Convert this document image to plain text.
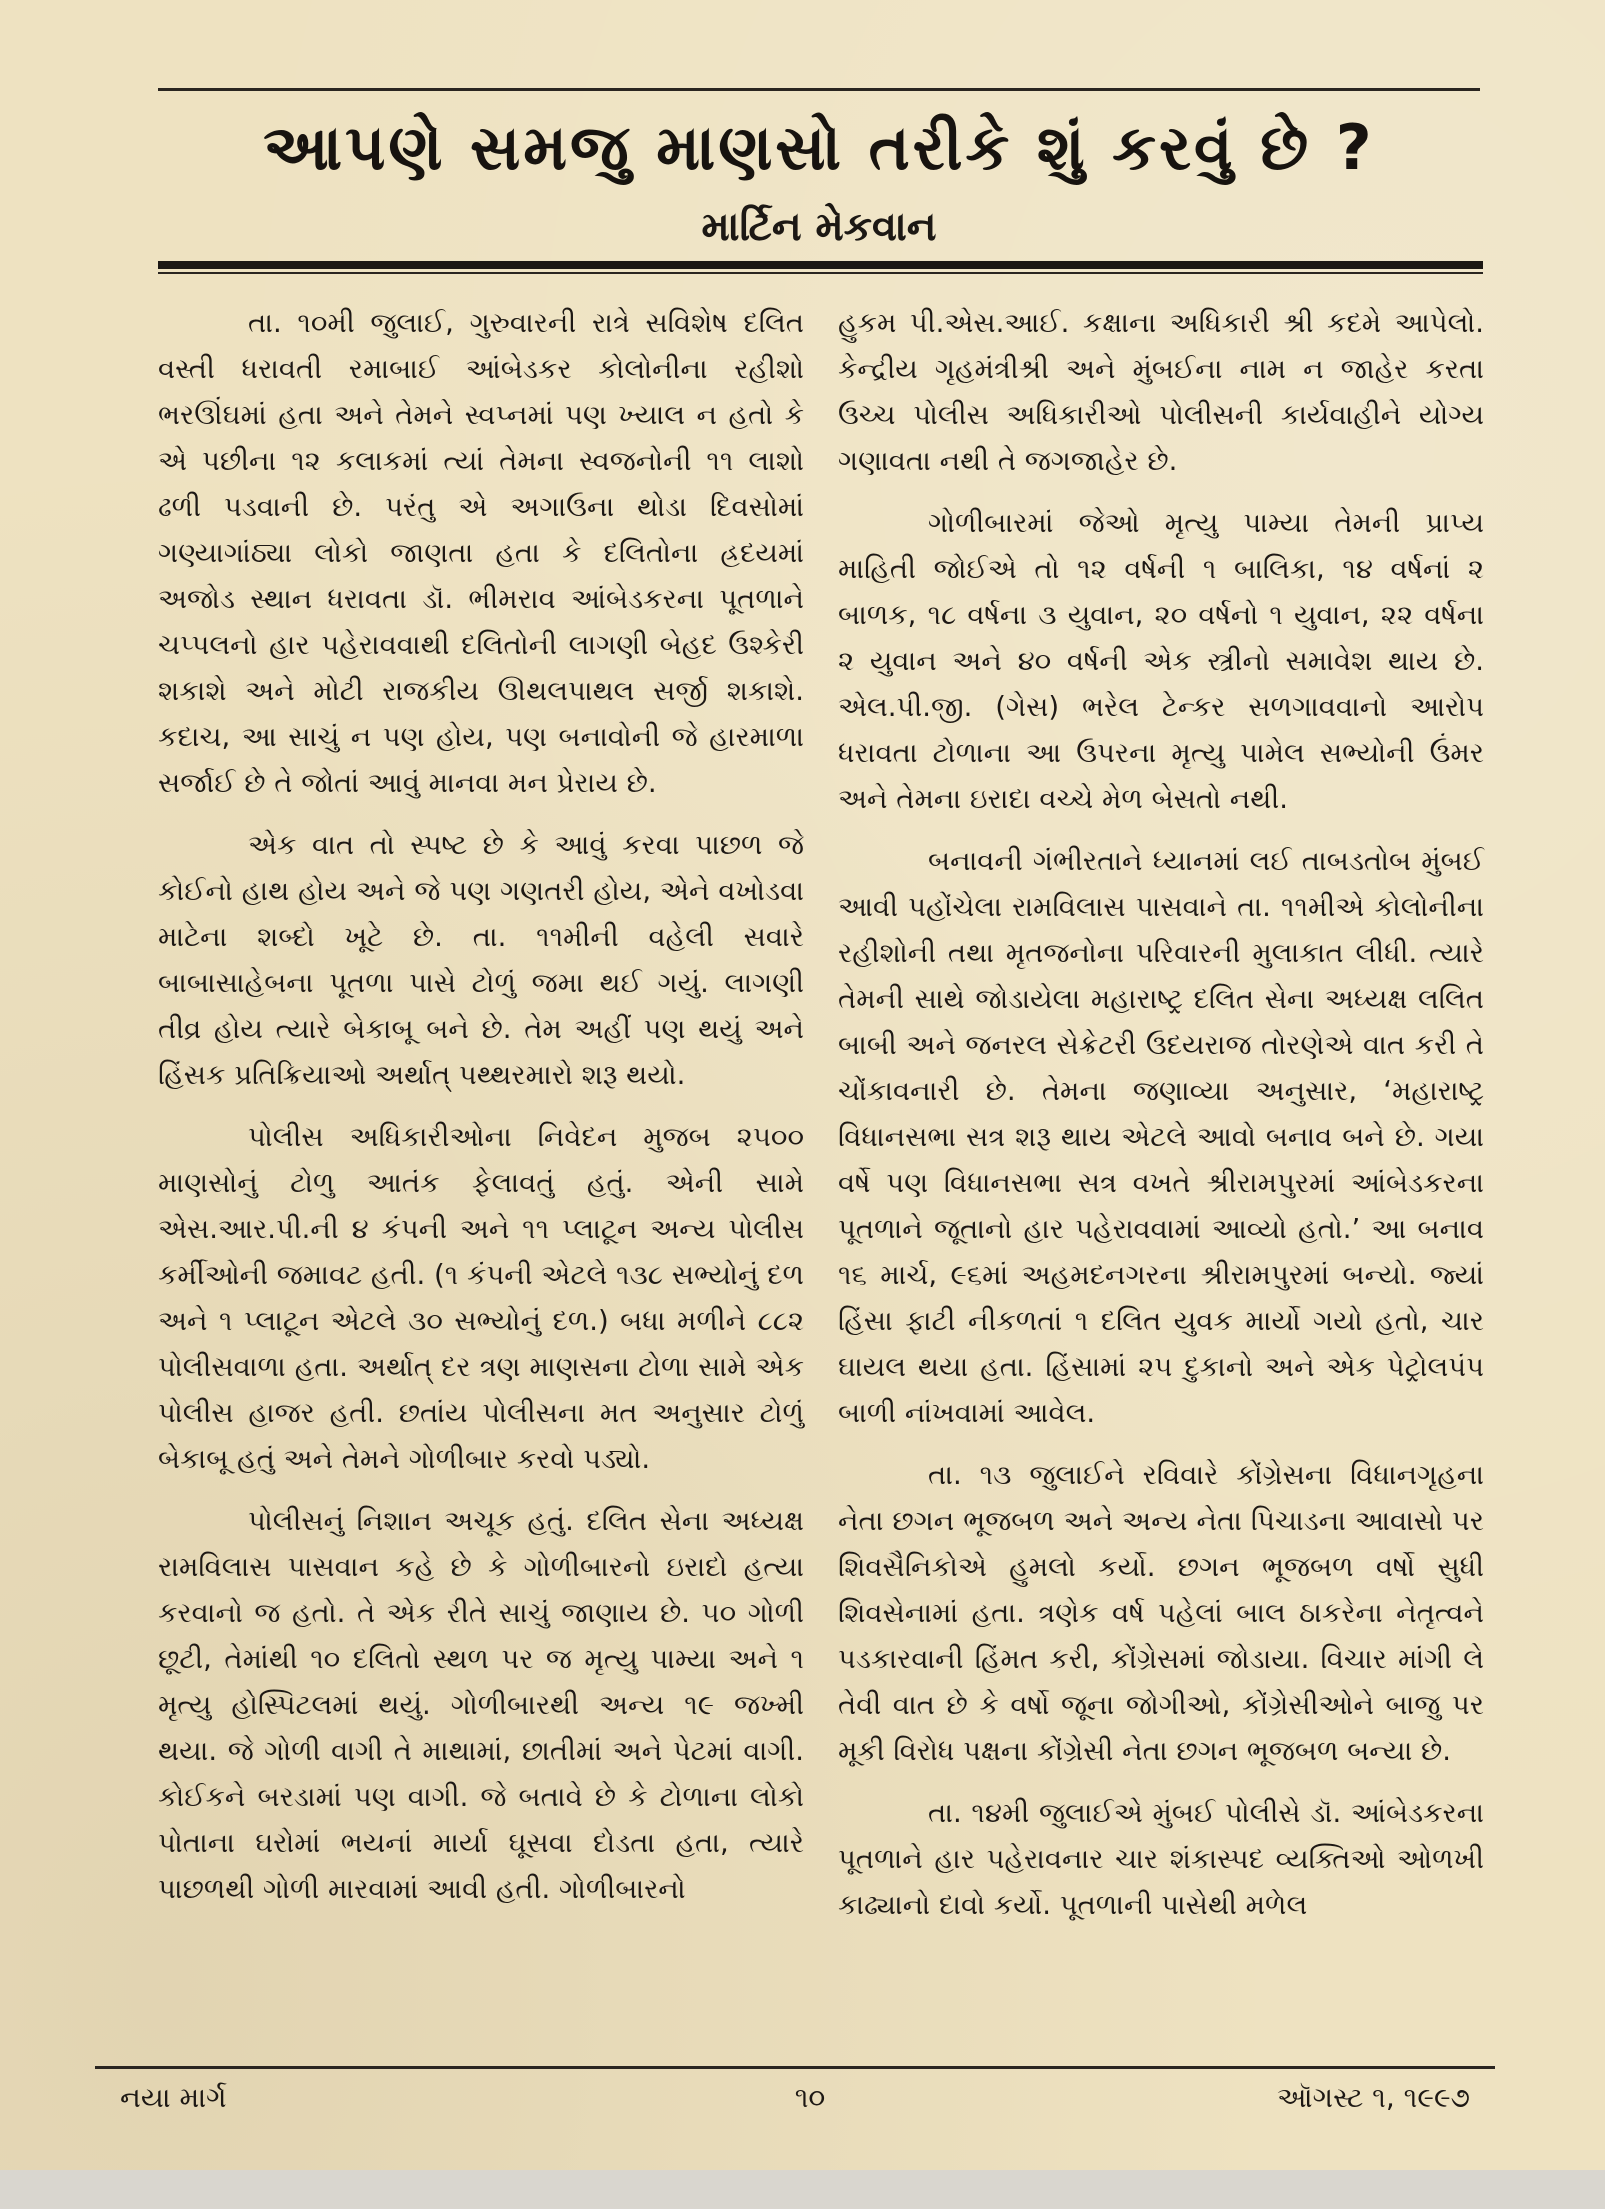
આપણે સમજુ માણસો તરીકે શું કરવું છે ?
માર્ટિન મેકવાન

તા. ૧૦મી જુલાઈ, ગુરુવારની રાત્રે સવિશેષ દલિત વસ્તી ધરાવતી રમાબાઈ આંબેડકર કોલોનીના રહીશો ભરઊંઘમાં હતા અને તેમને સ્વપ્નમાં પણ ખ્યાલ ન હતો કે એ પછીના ૧૨ કલાકમાં ત્યાં તેમના સ્વજનોની ૧૧ લાશો ઢળી પડવાની છે. પરંતુ એ અગાઉના થોડા દિવસોમાં ગણ્યાગાંઠ્યા લોકો જાણતા હતા કે દલિતોના હ્રદયમાં અજોડ સ્થાન ધરાવતા ડૉ. ભીમરાવ આંબેડકરના પૂતળાને ચપ્પલનો હાર પહેરાવવાથી દલિતોની લાગણી બેહદ ઉશ્કેરી શકાશે અને મોટી રાજકીય ઊથલપાથલ સર્જી શકાશે. કદાચ, આ સાચું ન પણ હોય, પણ બનાવોની જે હારમાળા સર્જાઈ છે તે જોતાં આવું માનવા મન પ્રેરાય છે.

એક વાત તો સ્પષ્ટ છે કે આવું કરવા પાછળ જે કોઈનો હાથ હોય અને જે પણ ગણતરી હોય, એને વખોડવા માટેના શબ્દો ખૂટે છે. તા. ૧૧મીની વહેલી સવારે બાબાસાહેબના પૂતળા પાસે ટોળું જમા થઈ ગયું. લાગણી તીવ્ર હોય ત્યારે બેકાબૂ બને છે. તેમ અહીં પણ થયું અને હિંસક પ્રતિક્રિયાઓ અર્થાત્ પથ્થરમારો શરૂ થયો.

પોલીસ અધિકારીઓના નિવેદન મુજબ ૨૫૦૦ માણસોનું ટોળુ આતંક ફેલાવતું હતું. એની સામે એસ.આર.પી.ની ૪ કંપની અને ૧૧ પ્લાટૂન અન્ય પોલીસ કર્મીઓની જમાવટ હતી. (૧ કંપની એટલે ૧૩૮ સભ્યોનું દળ અને ૧ પ્લાટૂન એટલે ૩૦ સભ્યોનું દળ.) બધા મળીને ૮૮૨ પોલીસવાળા હતા. અર્થાત્ દર ત્રણ માણસના ટોળા સામે એક પોલીસ હાજર હતી. છતાંય પોલીસના મત અનુસાર ટોળું બેકાબૂ હતું અને તેમને ગોળીબાર કરવો પડ્યો.

પોલીસનું નિશાન અચૂક હતું. દલિત સેના અધ્યક્ષ રામવિલાસ પાસવાન કહે છે કે ગોળીબારનો ઇરાદો હત્યા કરવાનો જ હતો. તે એક રીતે સાચું જાણાય છે. ૫૦ ગોળી છૂટી, તેમાંથી ૧૦ દલિતો સ્થળ પર જ મૃત્યુ પામ્યા અને ૧ મૃત્યુ હોસ્પિટલમાં થયું. ગોળીબારથી અન્ય ૧૯ જખ્મી થયા. જે ગોળી વાગી તે માથામાં, છાતીમાં અને પેટમાં વાગી. કોઈકને બરડામાં પણ વાગી. જે બતાવે છે કે ટોળાના લોકો પોતાના ઘરોમાં ભયનાં માર્યા ઘૂસવા દોડતા હતા, ત્યારે પાછળથી ગોળી મારવામાં આવી હતી. ગોળીબારનો

હુકમ પી.એસ.આઈ. કક્ષાના અધિકારી શ્રી કદમે આપેલો. કેન્દ્રીય ગૃહમંત્રીશ્રી અને મુંબઈના નામ ન જાહેર કરતા ઉચ્ચ પોલીસ અધિકારીઓ પોલીસની કાર્યવાહીને યોગ્ય ગણાવતા નથી તે જગજાહેર છે.

ગોળીબારમાં જેઓ મૃત્યુ પામ્યા તેમની પ્રાપ્ય માહિતી જોઈએ તો ૧૨ વર્ષની ૧ બાલિકા, ૧૪ વર્ષનાં ૨ બાળક, ૧૮ વર્ષના ૩ યુવાન, ૨૦ વર્ષનો ૧ યુવાન, ૨૨ વર્ષના ૨ યુવાન અને ૪૦ વર્ષની એક સ્ત્રીનો સમાવેશ થાય છે. એલ.પી.જી. (ગેસ) ભરેલ ટેન્કર સળગાવવાનો આરોપ ધરાવતા ટોળાના આ ઉપરના મૃત્યુ પામેલ સભ્યોની ઉંમર અને તેમના ઇરાદા વચ્ચે મેળ બેસતો નથી.

બનાવની ગંભીરતાને ધ્યાનમાં લઈ તાબડતોબ મુંબઈ આવી પહોંચેલા રામવિલાસ પાસવાને તા. ૧૧મીએ કોલોનીના રહીશોની તથા મૃતજનોના પરિવારની મુલાકાત લીધી. ત્યારે તેમની સાથે જોડાયેલા મહારાષ્ટ્ર દલિત સેના અધ્યક્ષ લલિત બાબી અને જનરલ સેક્રેટરી ઉદયરાજ તોરણેએ વાત કરી તે ચોંકાવનારી છે. તેમના જણાવ્યા અનુસાર, ‘મહારાષ્ટ્ર વિધાનસભા સત્ર શરૂ થાય એટલે આવો બનાવ બને છે. ગયા વર્ષે પણ વિધાનસભા સત્ર વખતે શ્રીરામપુરમાં આંબેડકરના પૂતળાને જૂતાનો હાર પહેરાવવામાં આવ્યો હતો.’ આ બનાવ ૧૬ માર્ચ, ૯૬માં અહમદનગરના શ્રીરામપુરમાં બન્યો. જ્યાં હિંસા ફાટી નીકળતાં ૧ દલિત યુવક માર્યો ગયો હતો, ચાર ઘાયલ થયા હતા. હિંસામાં ૨૫ દુકાનો અને એક પેટ્રોલપંપ બાળી નાંખવામાં આવેલ.

તા. ૧૩ જુલાઈને રવિવારે કોંગ્રેસના વિધાનગૃહના નેતા છગન ભૂજબળ અને અન્ય નેતા પિચાડના આવાસો પર શિવસૈનિકોએ હુમલો કર્યો. છગન ભૂજબળ વર્ષો સુધી શિવસેનામાં હતા. ત્રણેક વર્ષ પહેલાં બાલ ઠાકરેના નેતૃત્વને પડકારવાની હિંમત કરી, કોંગ્રેસમાં જોડાયા. વિચાર માંગી લે તેવી વાત છે કે વર્ષો જૂના જોગીઓ, કોંગ્રેસીઓને બાજુ પર મૂકી વિરોધ પક્ષના કોંગ્રેસી નેતા છગન ભૂજબળ બન્યા છે.

તા. ૧૪મી જુલાઈએ મુંબઈ પોલીસે ડૉ. આંબેડકરના પૂતળાને હાર પહેરાવનાર ચાર શંકાસ્પદ વ્યક્તિઓ ઓળખી કાઢ્યાનો દાવો કર્યો. પૂતળાની પાસેથી મળેલ

નયા માર્ગ	૧૦	ઑગસ્ટ ૧, ૧૯૯૭
